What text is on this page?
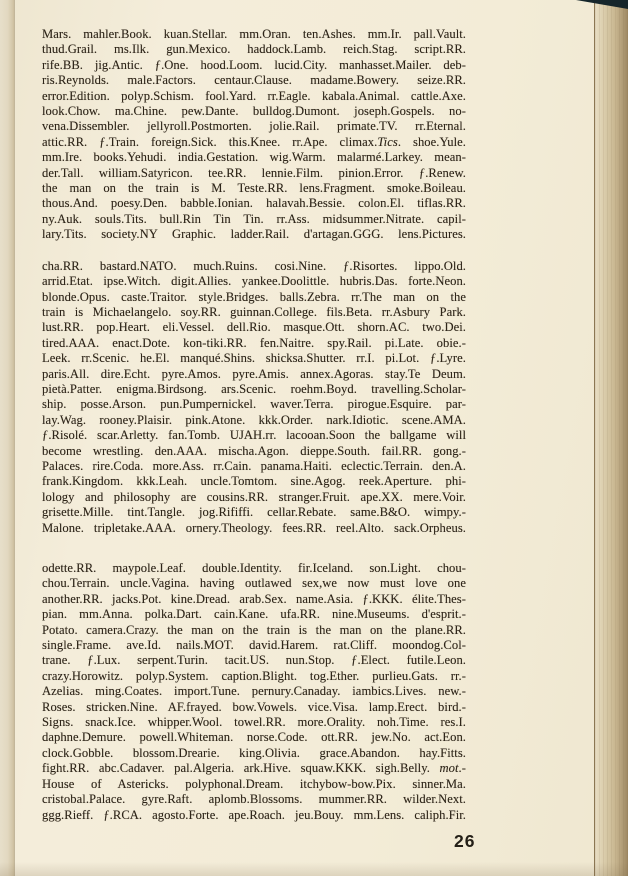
Mars. mahler.Book. kuan.Stellar. mm.Oran. ten.Ashes. mm.Ir. pall.Vault.
thud.Grail. ms.Ilk. gun.Mexico. haddock.Lamb. reich.Stag. script.RR.
rife.BB. jig.Antic. ƒ.One. hood.Loom. lucid.City. manhasset.Mailer. deb-
ris.Reynolds. male.Factors. centaur.Clause. madame.Bowery. seize.RR.
error.Edition. polyp.Schism. fool.Yard. rr.Eagle. kabala.Animal. cattle.Axe.
look.Chow. ma.Chine. pew.Dante. bulldog.Dumont. joseph.Gospels. no-
vena.Dissembler. jellyroll.Postmorten. jolie.Rail. primate.TV. rr.Eternal.
attic.RR. ƒ.Train. foreign.Sick. this.Knee. rr.Ape. climax.Tics. shoe.Yule.
mm.Ire. books.Yehudi. india.Gestation. wig.Warm. malarmé.Larkey. mean-
der.Tall. william.Satyricon. tee.RR. lennie.Film. pinion.Error. ƒ.Renew.
the man on the train is M. Teste.RR. lens.Fragment. smoke.Boileau.
thous.And. poesy.Den. babble.Ionian. halavah.Bessie. colon.El. tiflas.RR.
ny.Auk. souls.Tits. bull.Rin Tin Tin. rr.Ass. midsummer.Nitrate. capil-
lary.Tits. society.NY Graphic. ladder.Rail. d'artagan.GGG. lens.Pictures.
cha.RR. bastard.NATO. much.Ruins. cosi.Nine. ƒ.Risortes. lippo.Old.
arrid.Etat. ipse.Witch. digit.Allies. yankee.Doolittle. hubris.Das. forte.Neon.
blonde.Opus. caste.Traitor. style.Bridges. balls.Zebra. rr.The man on the
train is Michaelangelo. soy.RR. guinnan.College. fils.Beta. rr.Asbury Park.
lust.RR. pop.Heart. eli.Vessel. dell.Rio. masque.Ott. shorn.AC. two.Dei.
tired.AAA. enact.Dote. kon-tiki.RR. fen.Naitre. spy.Rail. pi.Late. obie.-
Leek. rr.Scenic. he.El. manqué.Shins. shicksa.Shutter. rr.I. pi.Lot. ƒ.Lyre.
paris.All. dire.Echt. pyre.Amos. pyre.Amis. annex.Agoras. stay.Te Deum.
pietà.Patter. enigma.Birdsong. ars.Scenic. roehm.Boyd. travelling.Scholar-
ship. posse.Arson. pun.Pumpernickel. waver.Terra. pirogue.Esquire. par-
lay.Wag. rooney.Plaisir. pink.Atone. kkk.Order. nark.Idiotic. scene.AMA.
ƒ.Risolé. scar.Arletty. fan.Tomb. UJAH.rr. lacooan.Soon the ballgame will
become wrestling. den.AAA. mischa.Agon. dieppe.South. fail.RR. gong.-
Palaces. rire.Coda. more.Ass. rr.Cain. panama.Haiti. eclectic.Terrain. den.A.
frank.Kingdom. kkk.Leah. uncle.Tomtom. sine.Agog. reek.Aperture. phi-
lology and philosophy are cousins.RR. stranger.Fruit. ape.XX. mere.Voir.
grisette.Mille. tint.Tangle. jog.Rififfi. cellar.Rebate. same.B&O. wimpy.-
Malone. tripletake.AAA. ornery.Theology. fees.RR. reel.Alto. sack.Orpheus.
odette.RR. maypole.Leaf. double.Identity. fir.Iceland. son.Light. chou-
chou.Terrain. uncle.Vagina. having outlawed sex,we now must love one
another.RR. jacks.Pot. kine.Dread. arab.Sex. name.Asia. ƒ.KKK. élite.Thes-
pian. mm.Anna. polka.Dart. cain.Kane. ufa.RR. nine.Museums. d'esprit.-
Potato. camera.Crazy. the man on the train is the man on the plane.RR.
single.Frame. ave.Id. nails.MOT. david.Harem. rat.Cliff. moondog.Col-
trane. ƒ.Lux. serpent.Turin. tacit.US. nun.Stop. ƒ.Elect. futile.Leon.
crazy.Horowitz. polyp.System. caption.Blight. tog.Ether. purlieu.Gats. rr.-
Azelias. ming.Coates. import.Tune. pernury.Canaday. iambics.Lives. new.-
Roses. stricken.Nine. AF.frayed. bow.Vowels. vice.Visa. lamp.Erect. bird.-
Signs. snack.Ice. whipper.Wool. towel.RR. more.Orality. noh.Time. res.I.
daphne.Demure. powell.Whiteman. norse.Code. ott.RR. jew.No. act.Eon.
clock.Gobble. blossom.Drearie. king.Olivia. grace.Abandon. hay.Fitts.
fight.RR. abc.Cadaver. pal.Algeria. ark.Hive. squaw.KKK. sigh.Belly. mot.-
House of Astericks. polyphonal.Dream. itchybow-bow.Pix. sinner.Ma.
cristobal.Palace. gyre.Raft. aplomb.Blossoms. mummer.RR. wilder.Next.
ggg.Rieff. ƒ.RCA. agosto.Forte. ape.Roach. jeu.Bouy. mm.Lens. caliph.Fir.
26
